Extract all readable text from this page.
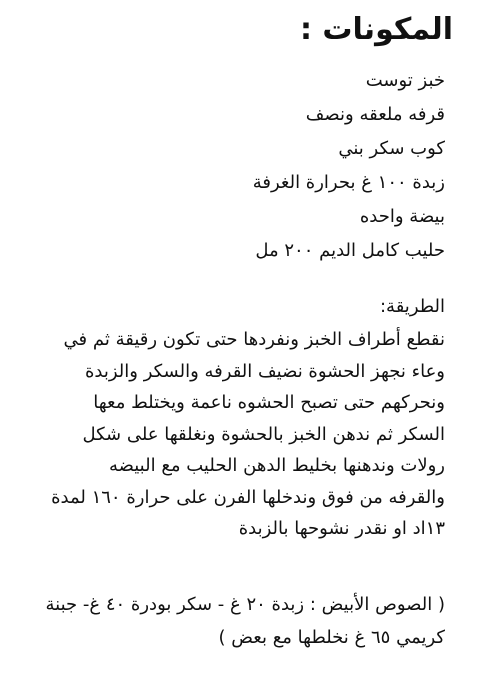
المكونات :
خبز توست
قرفه ملعقه ونصف
كوب سكر بني
زبدة ١٠٠ غ بحرارة الغرفة
بيضة واحده
حليب كامل الديم ٢٠٠ مل
الطريقة:
نقطع أطراف الخبز ونفردها حتى تكون رقيقة ثم في
وعاء نجهز الحشوة نضيف القرفه والسكر والزبدة
ونحركهم حتى تصبح الحشوه ناعمة ويختلط معها
السكر ثم ندهن الخبز بالحشوة ونغلقها على شكل
رولات وندهنها بخليط الدهن الحليب مع البيضه
والقرفه من فوق وندخلها الفرن على حرارة ١٦٠ لمدة
١٣اد او نقدر نشوحها بالزبدة
( الصوص الأبيض : زبدة ٢٠ غ - سكر بودرة ٤٠ غ- جبنة
كريمي ٦٥ غ نخلطها مع بعض )
